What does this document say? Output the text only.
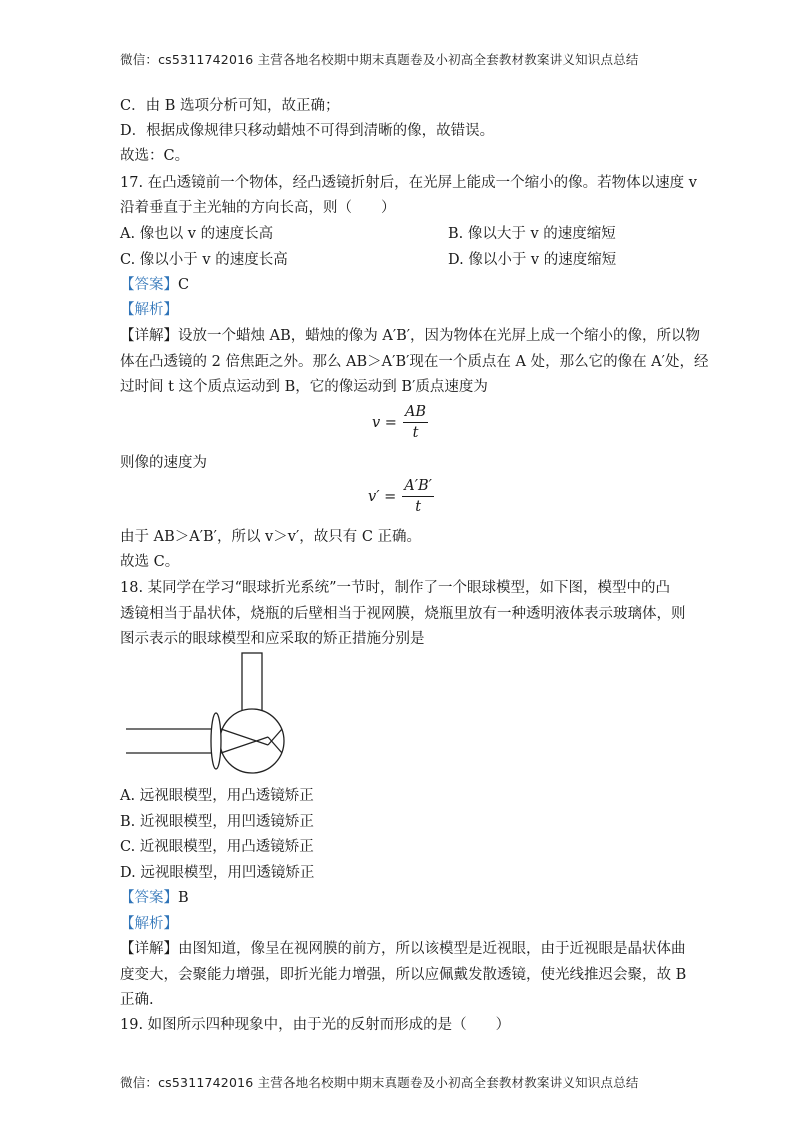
微信：cs5311742016 主营各地名校期中期末真题卷及小初高全套教材教案讲义知识点总结
C．由 B 选项分析可知，故正确；
D．根据成像规律只移动蜡烛不可得到清晰的像，故错误。
故选：C。
17. 在凸透镜前一个物体，经凸透镜折射后，在光屏上能成一个缩小的像。若物体以速度 v
沿着垂直于主光轴的方向长高，则（　　）
A. 像也以 v 的速度长高	B. 像以大于 v 的速度缩短
C. 像以小于 v 的速度长高	D. 像以小于 v 的速度缩短
【答案】C
【解析】
【详解】设放一个蜡烛 AB，蜡烛的像为 A′B′，因为物体在光屏上成一个缩小的像，所以物
体在凸透镜的 2 倍焦距之外。那么 AB＞A′B′现在一个质点在 A 处，那么它的像在 A′处，经
过时间 t 这个质点运动到 B，它的像运动到 B′质点速度为
$v = \frac{AB}{t}$
则像的速度为
$v' = \frac{A'B'}{t}$
由于 AB＞A′B′，所以 v＞v′，故只有 C 正确。
故选 C。
18. 某同学在学习“眼球折光系统”一节时，制作了一个眼球模型，如下图，模型中的凸
透镜相当于晶状体，烧瓶的后壁相当于视网膜，烧瓶里放有一种透明液体表示玻璃体，则
图示表示的眼球模型和应采取的矫正措施分别是
A. 远视眼模型，用凸透镜矫正
B. 近视眼模型，用凹透镜矫正
C. 近视眼模型，用凸透镜矫正
D. 远视眼模型，用凹透镜矫正
【答案】B
【解析】
【详解】由图知道，像呈在视网膜的前方，所以该模型是近视眼，由于近视眼是晶状体曲
度变大，会聚能力增强，即折光能力增强，所以应佩戴发散透镜，使光线推迟会聚，故 B
正确.
19. 如图所示四种现象中，由于光的反射而形成的是（　　）
微信：cs5311742016 主营各地名校期中期末真题卷及小初高全套教材教案讲义知识点总结
